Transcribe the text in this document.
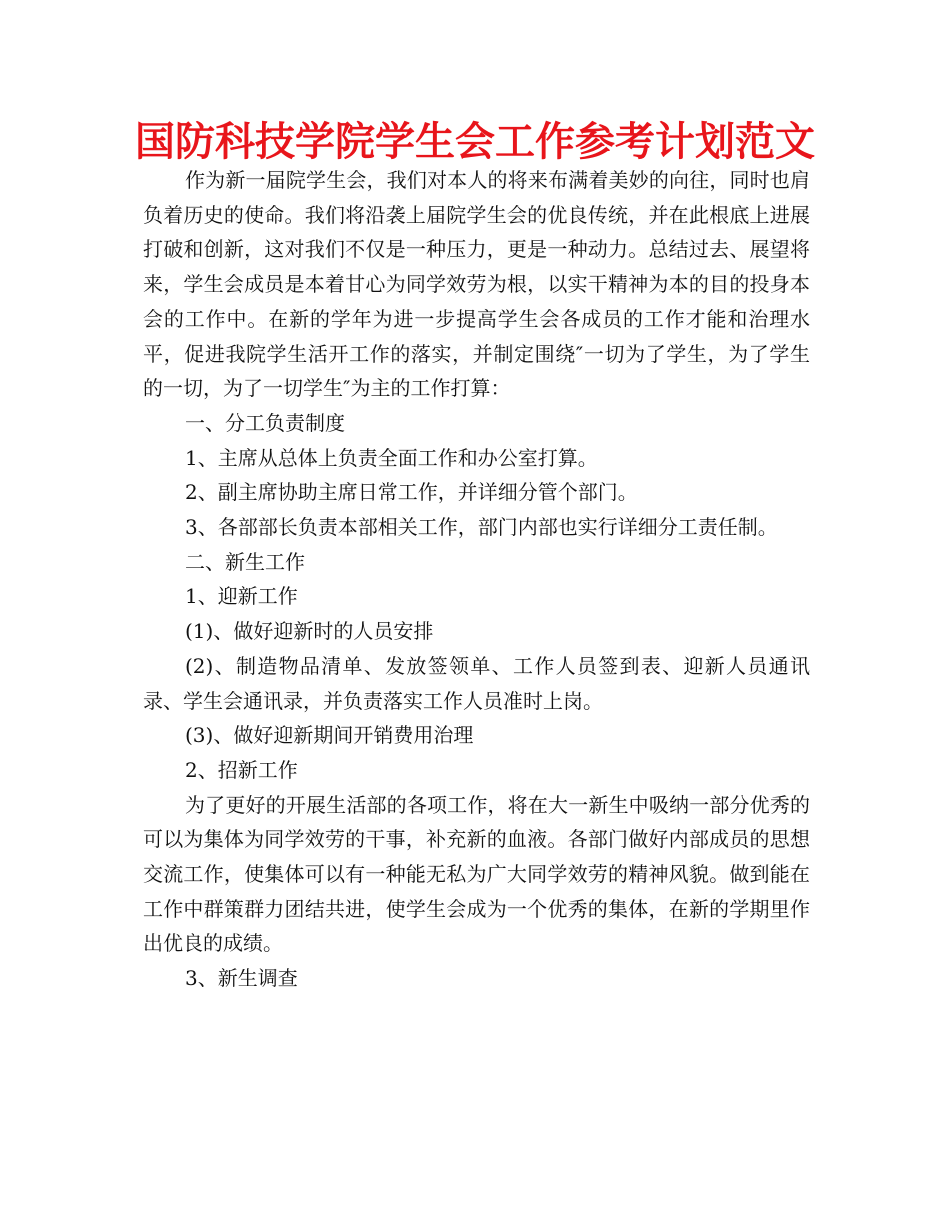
国防科技学院学生会工作参考计划范文

作为新一届院学生会，我们对本人的将来布满着美妙的向往，同时也肩负着历史的使命。我们将沿袭上届院学生会的优良传统，并在此根底上进展打破和创新，这对我们不仅是一种压力，更是一种动力。总结过去、展望将来，学生会成员是本着甘心为同学效劳为根，以实干精神为本的目的投身本会的工作中。在新的学年为进一步提高学生会各成员的工作才能和治理水平，促进我院学生活开工作的落实，并制定围绕″一切为了学生，为了学生的一切，为了一切学生″为主的工作打算：

一、分工负责制度

1、主席从总体上负责全面工作和办公室打算。

2、副主席协助主席日常工作，并详细分管个部门。

3、各部部长负责本部相关工作，部门内部也实行详细分工责任制。

二、新生工作

1、迎新工作

(1)、做好迎新时的人员安排

(2)、制造物品清单、发放签领单、工作人员签到表、迎新人员通讯录、学生会通讯录，并负责落实工作人员准时上岗。

(3)、做好迎新期间开销费用治理

2、招新工作

为了更好的开展生活部的各项工作，将在大一新生中吸纳一部分优秀的可以为集体为同学效劳的干事，补充新的血液。各部门做好内部成员的思想交流工作，使集体可以有一种能无私为广大同学效劳的精神风貌。做到能在工作中群策群力团结共进，使学生会成为一个优秀的集体，在新的学期里作出优良的成绩。

3、新生调查
